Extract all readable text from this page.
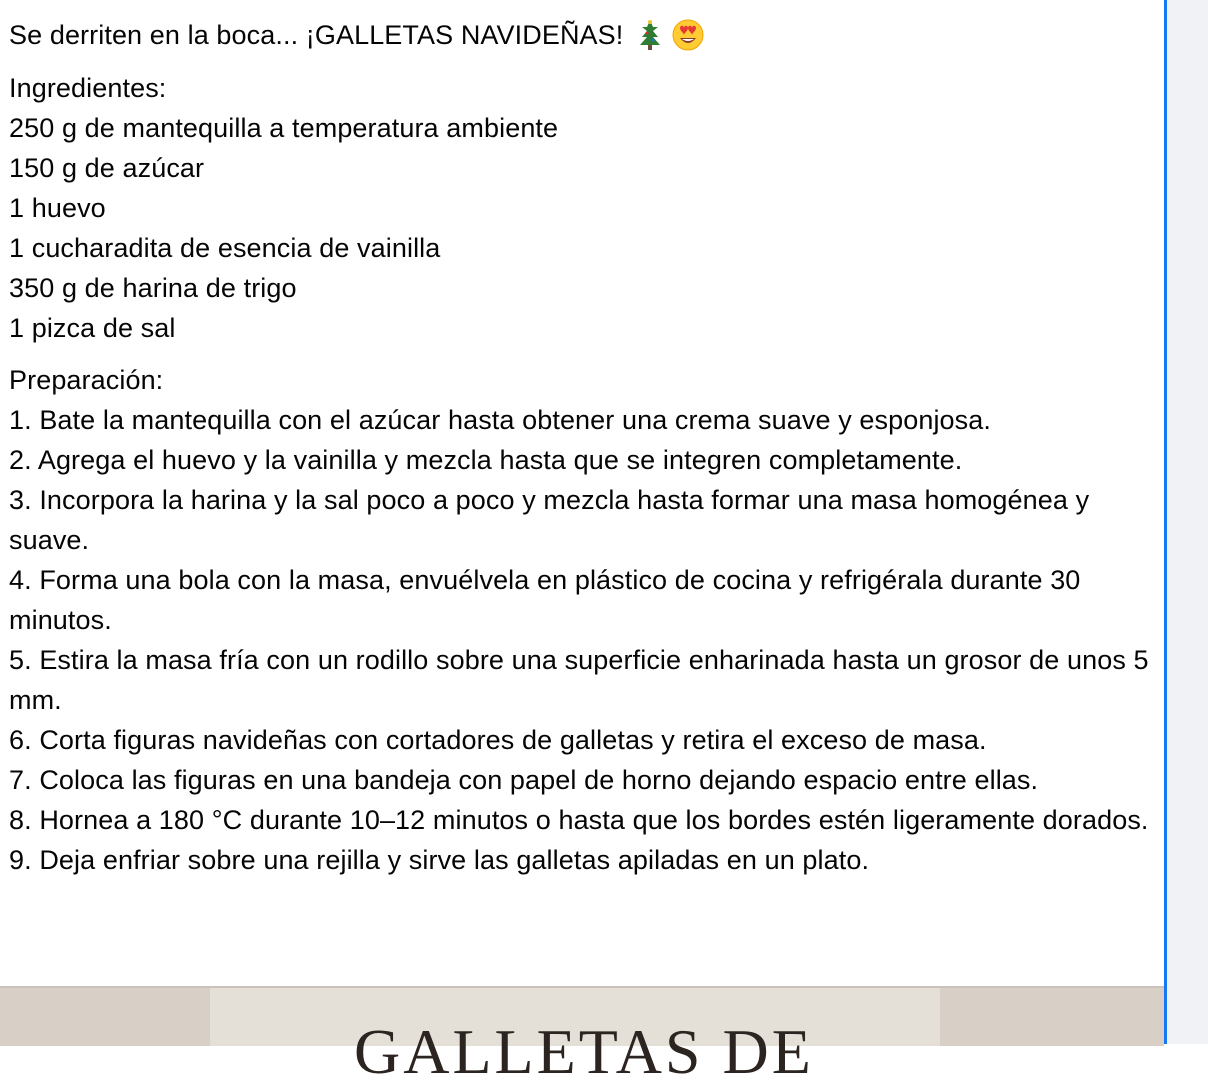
Se derriten en la boca... ¡GALLETAS NAVIDEÑAS!

Ingredientes:

250 g de mantequilla a temperatura ambiente
150 g de azúcar
1 huevo
1 cucharadita de esencia de vainilla
350 g de harina de trigo
1 pizca de sal

Preparación:

1. Bate la mantequilla con el azúcar hasta obtener una crema suave y esponjosa.
2. Agrega el huevo y la vainilla y mezcla hasta que se integren completamente.
3. Incorpora la harina y la sal poco a poco y mezcla hasta formar una masa homogénea y suave.
4. Forma una bola con la masa, envuélvela en plástico de cocina y refrigérala durante 30 minutos.
5. Estira la masa fría con un rodillo sobre una superficie enharinada hasta un grosor de unos 5 mm.
6. Corta figuras navideñas con cortadores de galletas y retira el exceso de masa.
7. Coloca las figuras en una bandeja con papel de horno dejando espacio entre ellas.
8. Hornea a 180 °C durante 10–12 minutos o hasta que los bordes estén ligeramente dorados.
9. Deja enfriar sobre una rejilla y sirve las galletas apiladas en un plato.
GALLETAS DE
